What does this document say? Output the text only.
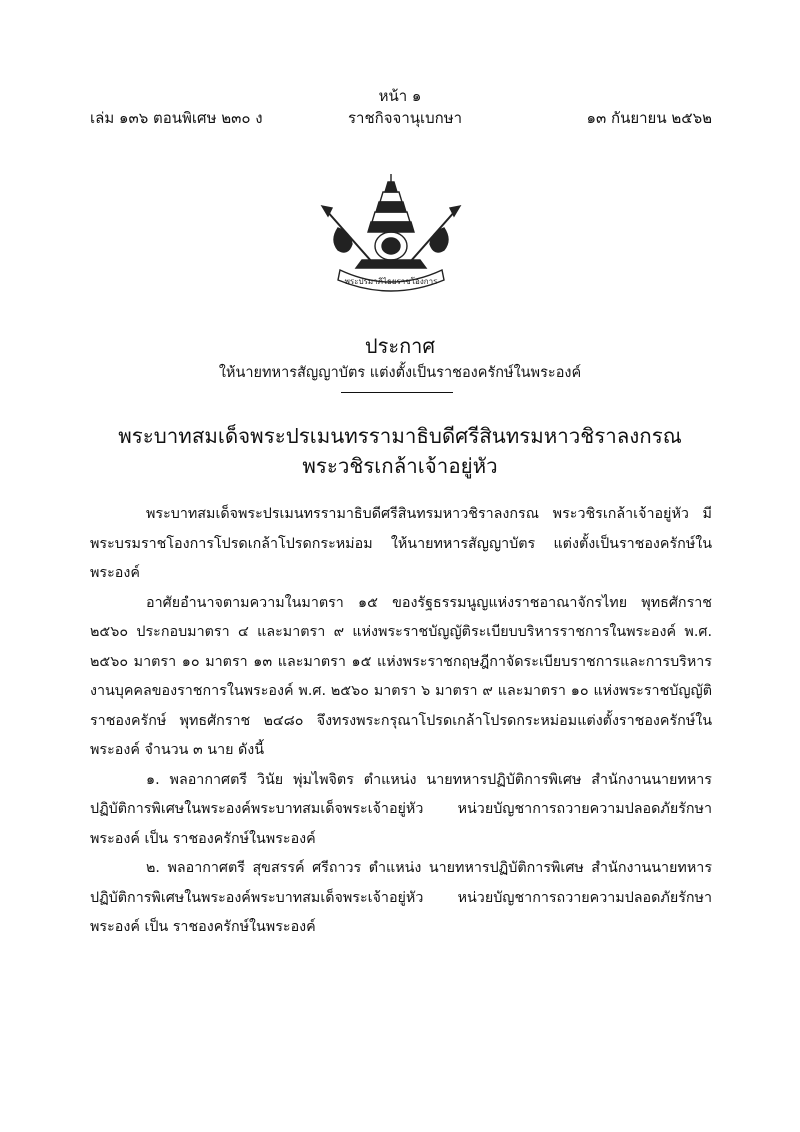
หน้า ๑
เล่ม ๑๓๖ ตอนพิเศษ ๒๓๐ ง	ราชกิจจานุเบกษา	๑๓ กันยายน ๒๕๖๒
พระปรมาภิไธยราชโองการ
ประกาศ
ให้นายทหารสัญญาบัตร แต่งตั้งเป็นราชองครักษ์ในพระองค์
พระบาทสมเด็จพระปรเมนทรรามาธิบดีศรีสินทรมหาวชิราลงกรณ
พระวชิรเกล้าเจ้าอยู่หัว

พระบาทสมเด็จพระปรเมนทรรามาธิบดีศรีสินทรมหาวชิราลงกรณ พระวชิรเกล้าเจ้าอยู่หัว มีพระบรมราชโองการโปรดเกล้าโปรดกระหม่อม ให้นายทหารสัญญาบัตร แต่งตั้งเป็นราชองครักษ์ในพระองค์

อาศัยอำนาจตามความในมาตรา ๑๕ ของรัฐธรรมนูญแห่งราชอาณาจักรไทย พุทธศักราช ๒๕๖๐ ประกอบมาตรา ๔ และมาตรา ๙ แห่งพระราชบัญญัติระเบียบบริหารราชการในพระองค์ พ.ศ. ๒๕๖๐ มาตรา ๑๐ มาตรา ๑๓ และมาตรา ๑๕ แห่งพระราชกฤษฎีกาจัดระเบียบราชการและการบริหารงานบุคคลของราชการในพระองค์ พ.ศ. ๒๕๖๐ มาตรา ๖ มาตรา ๙ และมาตรา ๑๐ แห่งพระราชบัญญัติราชองครักษ์ พุทธศักราช ๒๔๘๐ จึงทรงพระกรุณาโปรดเกล้าโปรดกระหม่อมแต่งตั้งราชองครักษ์ในพระองค์ จำนวน ๓ นาย ดังนี้

๑. พลอากาศตรี วินัย พุ่มไพจิตร ตำแหน่ง นายทหารปฏิบัติการพิเศษ สำนักงานนายทหารปฏิบัติการพิเศษในพระองค์พระบาทสมเด็จพระเจ้าอยู่หัว หน่วยบัญชาการถวายความปลอดภัยรักษาพระองค์ เป็น ราชองครักษ์ในพระองค์

๒. พลอากาศตรี สุขสรรค์ ศรีถาวร ตำแหน่ง นายทหารปฏิบัติการพิเศษ สำนักงานนายทหารปฏิบัติการพิเศษในพระองค์พระบาทสมเด็จพระเจ้าอยู่หัว หน่วยบัญชาการถวายความปลอดภัยรักษาพระองค์ เป็น ราชองครักษ์ในพระองค์
